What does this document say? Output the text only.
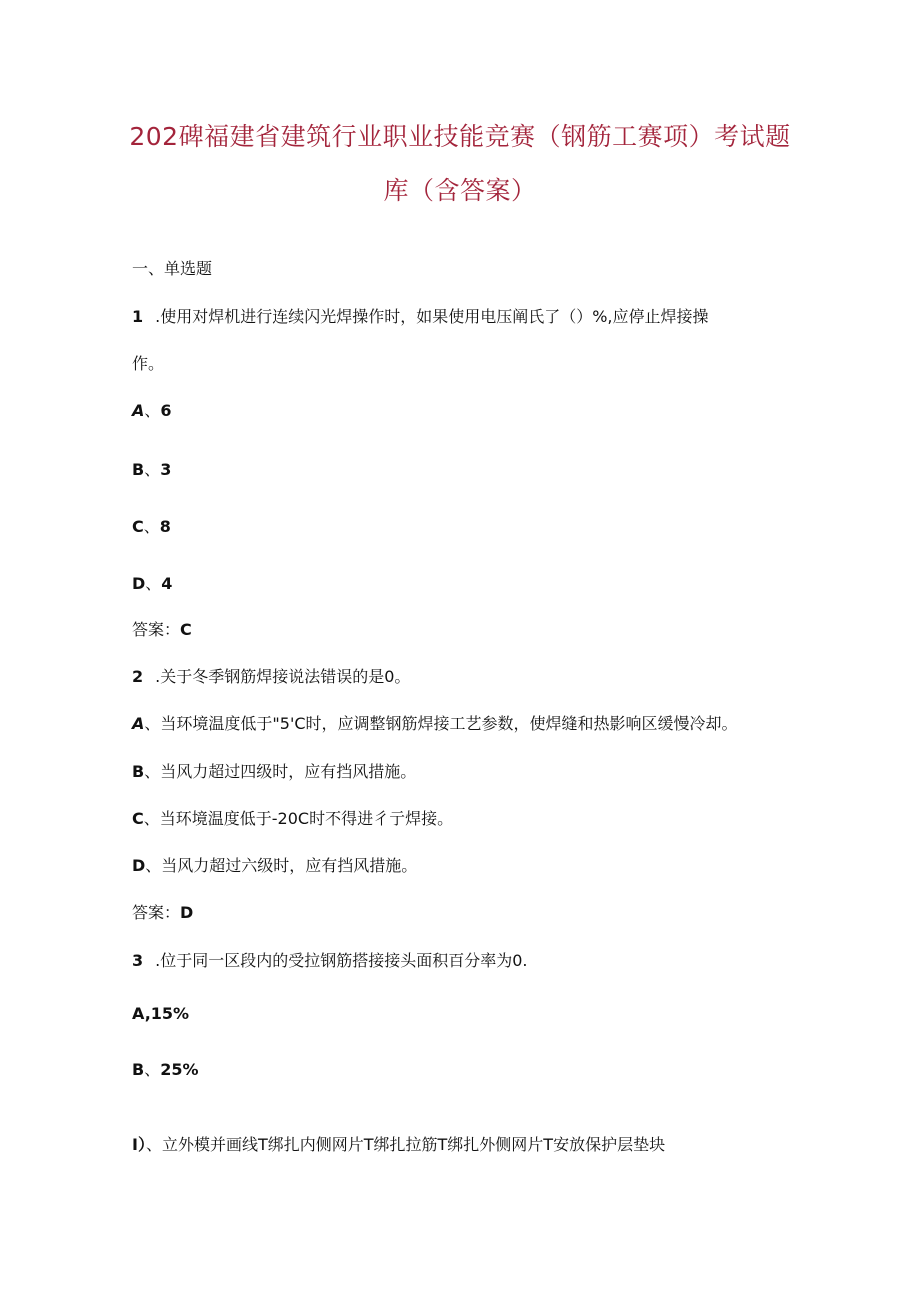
202碑福建省建筑行业职业技能竞赛（钢筋工赛项）考试题
库（含答案）
一、单选题
1 .使用对焊机进行连续闪光焊操作时，如果使用电压阐氏了（）%,应停止焊接操
作。
A、6
B、3
C、8
D、4
答案：C
2 .关于冬季钢筋焊接说法错误的是0。
A、当环境温度低于"5'C时，应调整钢筋焊接工艺参数，使焊缝和热影响区缓慢冷却。
B、当风力超过四级时，应有挡风措施。
C、当环境温度低于-20C时不得进彳亍焊接。
D、当风力超过六级时，应有挡风措施。
答案：D
3 .位于同一区段内的受拉钢筋搭接接头面积百分率为0.
A,15%
B、25%
I）、立外模并画线T绑扎内侧网片T绑扎拉筋T绑扎外侧网片T安放保护层垫块
